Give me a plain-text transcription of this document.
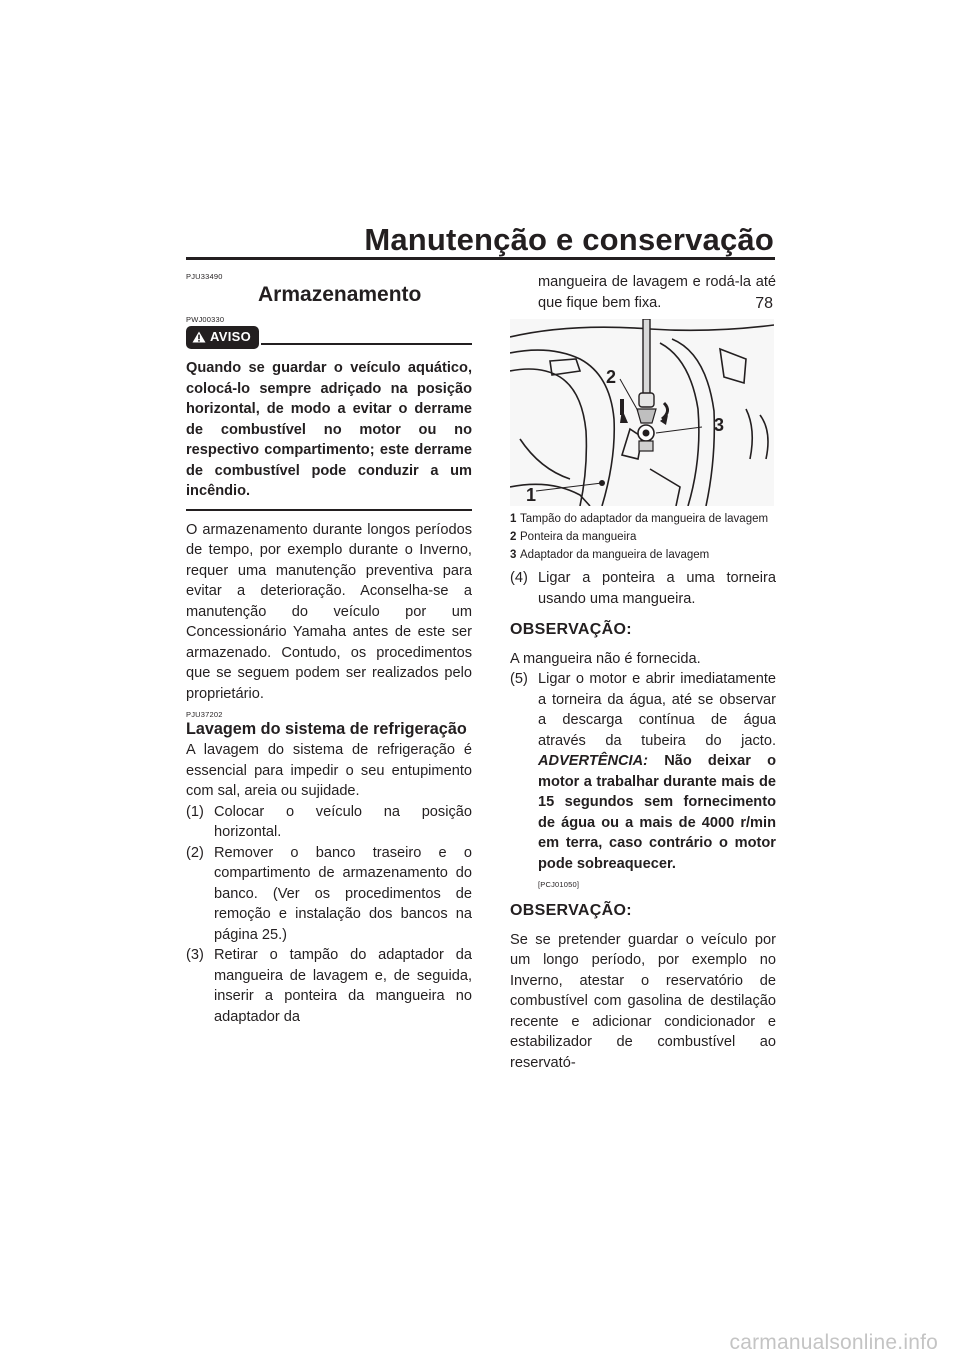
Manutenção e conservação
78
PJU33490
Armazenamento
PWJ00330
AVISO

Quando se guardar o veículo aquático, colocá-lo sempre adriçado na posição horizontal, de modo a evitar o derrame de combustível no motor ou no respectivo compartimento; este derrame de combustível pode conduzir a um incêndio.

O armazenamento durante longos períodos de tempo, por exemplo durante o Inverno, requer uma manutenção preventiva para evitar a deterioração. Aconselha-se a manutenção do veículo por um Concessionário Yamaha antes de este ser armazenado. Contudo, os procedimentos que se seguem podem ser realizados pelo proprietário.

PJU37202
Lavagem do sistema de refrigeração

A lavagem do sistema de refrigeração é essencial para impedir o seu entupimento com sal, areia ou sujidade.

(1) Colocar o veículo na posição horizontal.
(2) Remover o banco traseiro e o compartimento de armazenamento do banco. (Ver os procedimentos de remoção e instalação dos bancos na página 25.)
(3) Retirar o tampão do adaptador da mangueira de lavagem e, de seguida, inserir a ponteira da mangueira no adaptador da

mangueira de lavagem e rodá-la até que fique bem fixa.

1
2
3
1 Tampão do adaptador da mangueira de lavagem
2 Ponteira da mangueira
3 Adaptador da mangueira de lavagem
(4) Ligar a ponteira a uma torneira usando uma mangueira.
OBSERVAÇÃO:

A mangueira não é fornecida.

(5) Ligar o motor e abrir imediatamente a torneira da água, até se observar a descarga contínua de água através da tubeira do jacto. ADVERTÊNCIA: Não deixar o motor a trabalhar durante mais de 15 segundos sem fornecimento de água ou a mais de 4000 r/min em terra, caso contrário o motor pode sobreaquecer.
[PCJ01050]
OBSERVAÇÃO:

Se se pretender guardar o veículo por um longo período, por exemplo no Inverno, atestar o reservatório de combustível com gasolina de destilação recente e adicionar condicionador e estabilizador de combustível ao reservató-

carmanualsonline.info
